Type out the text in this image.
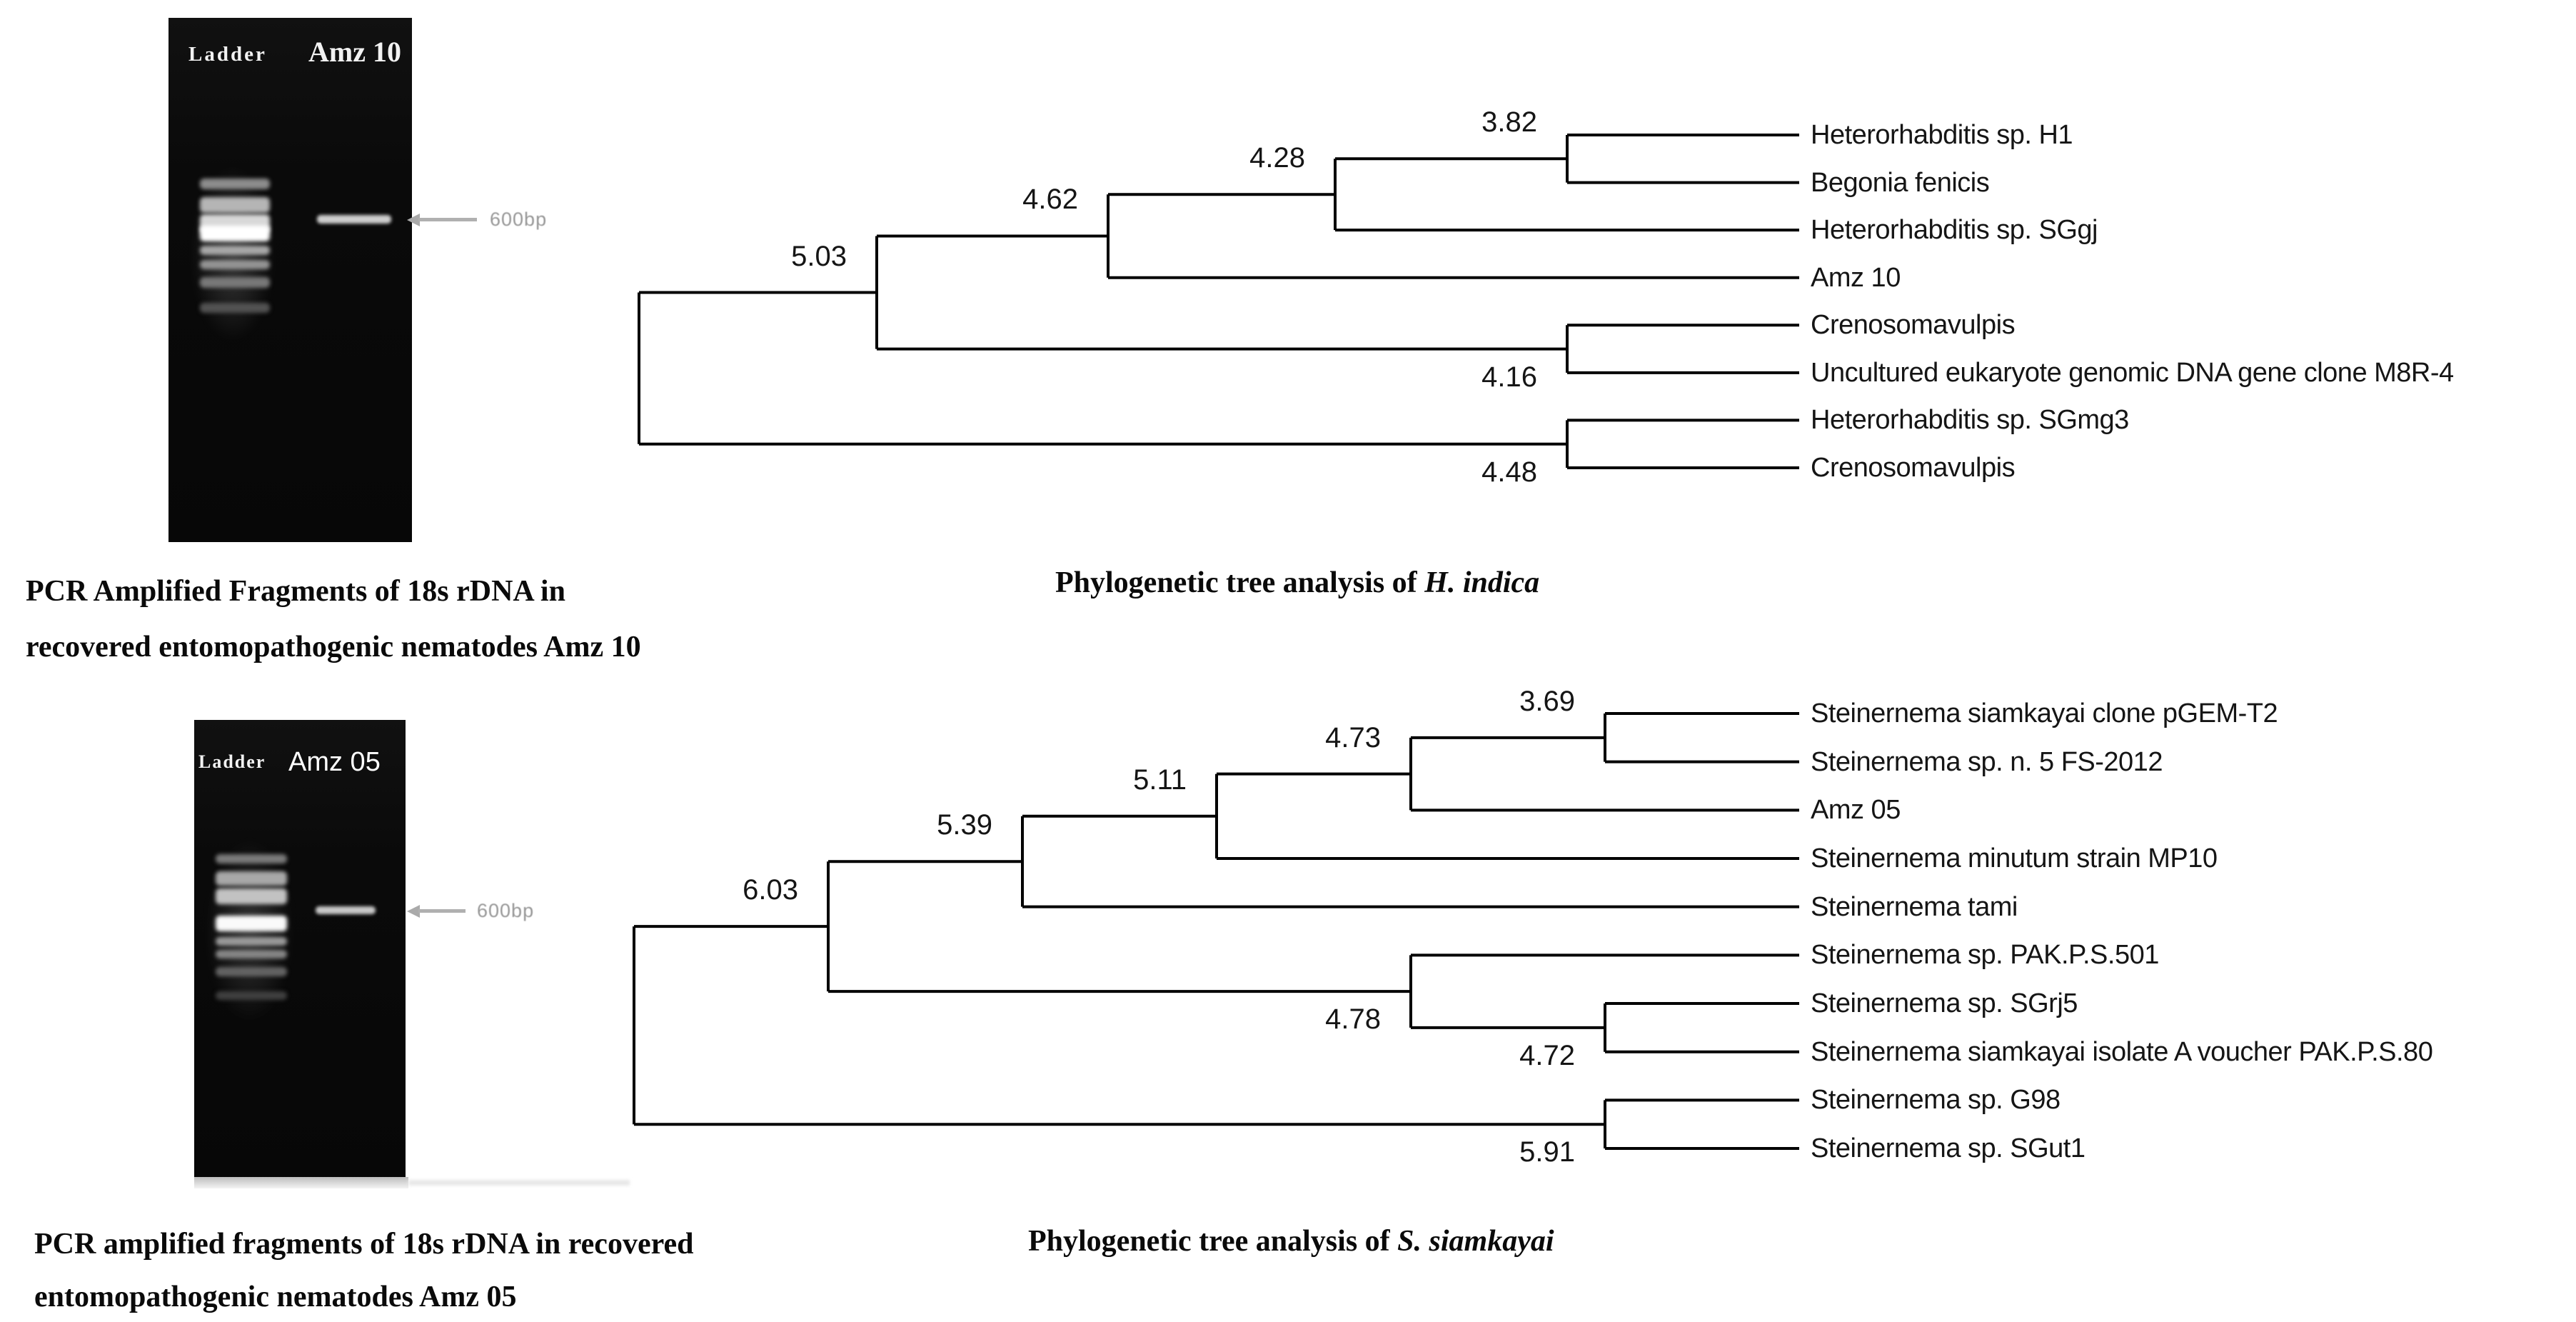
Ladder Amz 10
600bp
PCR Amplified Fragments of 18s rDNA in
recovered entomopathogenic nematodes Amz 10
5.03
4.62
4.28
3.82	Heterorhabditis sp. H1
Begonia fenicis
Heterorhabditis sp. SGgj
Amz 10
4.16
Crenosomavulpis
Uncultured eukaryote genomic DNA gene clone M8R-4
4.48
Heterorhabditis sp. SGmg3
Crenosomavulpis
Phylogenetic tree analysis of H. indica
Ladder Amz 05
600bp
PCR amplified fragments of 18s rDNA in recovered
entomopathogenic nematodes Amz 05
6.03
5.39
5.11
4.73
3.69	Steinernema siamkayai clone pGEM-T2
Steinernema sp. n. 5 FS-2012
Amz 05
Steinernema minutum strain MP10
Steinernema tami
4.78
Steinernema sp. PAK.P.S.501
4.72
Steinernema sp. SGrj5
Steinernema siamkayai isolate A voucher PAK.P.S.80
5.91
Steinernema sp. G98
Steinernema sp. SGut1
Phylogenetic tree analysis of S. siamkayai
